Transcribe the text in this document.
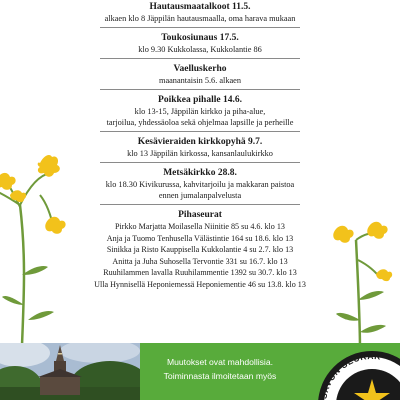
Hautausmaatalkoot 11.5.

alkaen klo 8 Jäppilän hautausmaalla, oma harava mukaan

Toukosiunaus 17.5.

klo 9.30 Kukkolassa, Kukkolantie 86

Vaelluskerho

maanantaisin 5.6. alkaen

Poikkea pihalle 14.6.

klo 13-15, Jäppilän kirkko ja piha-alue,

tarjoilua, yhdessäoloa sekä ohjelmaa lapsille ja perheille

Kesävieraiden kirkkopyhä 9.7.

klo 13 Jäppilän kirkossa, kansanlaulukirkko

Metsäkirkko 28.8.

klo 18.30 Kivikurussa, kahvitarjoilu ja makkaran paistoa

ennen jumalanpalvelusta

Pihaseurat

Pirkko Marjatta Moilasella Niinitie 85 su 4.6. klo 13

Anja ja Tuomo Tenhusella Välästintie 164 su 18.6. klo 13

Sinikka ja Risto Kauppisella Kukkolantie 4 su 2.7. klo 13

Anitta ja Juha Suhosella Tervontie 331 su 16.7. klo 13

Ruuhilammen lavalla Ruuhilammentie 1392 su 30.7. klo 13

Ulla Hynnisellä Heponiemessä Heponiementie 46 su 13.8. klo 13

Muutokset ovat mahdollisia.

Toiminnasta ilmoitetaan myös

SAVON SEURAK
